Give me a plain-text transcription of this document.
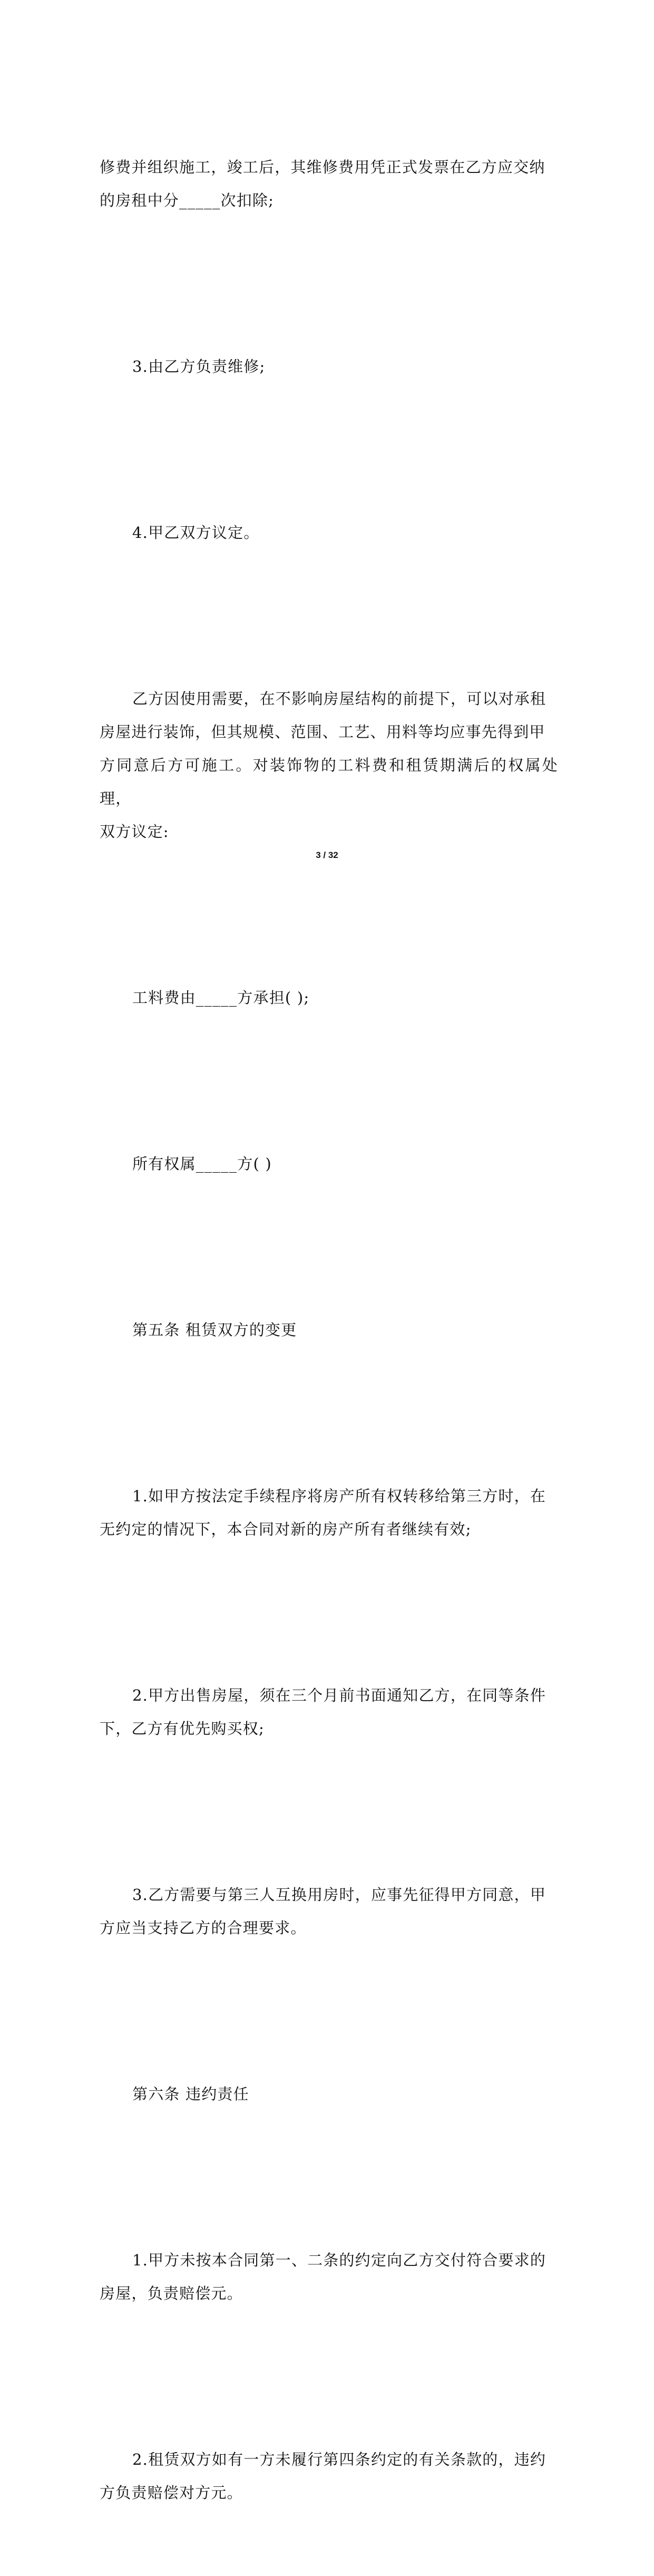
修费并组织施工，竣工后，其维修费用凭正式发票在乙方应交纳
的房租中分_____次扣除;

3.由乙方负责维修;

4.甲乙双方议定。

乙方因使用需要，在不影响房屋结构的前提下，可以对承租
房屋进行装饰，但其规模、范围、工艺、用料等均应事先得到甲
方同意后方可施工。对装饰物的工料费和租赁期满后的权属处理，
双方议定:

工料费由_____方承担( );

所有权属_____方( )

第五条 租赁双方的变更

1.如甲方按法定手续程序将房产所有权转移给第三方时，在
无约定的情况下，本合同对新的房产所有者继续有效;

2.甲方出售房屋，须在三个月前书面通知乙方，在同等条件
下，乙方有优先购买权;

3.乙方需要与第三人互换用房时，应事先征得甲方同意，甲
方应当支持乙方的合理要求。

第六条 违约责任

1.甲方未按本合同第一、二条的约定向乙方交付符合要求的
房屋，负责赔偿元。

2.租赁双方如有一方未履行第四条约定的有关条款的，违约
方负责赔偿对方元。

3 / 32
